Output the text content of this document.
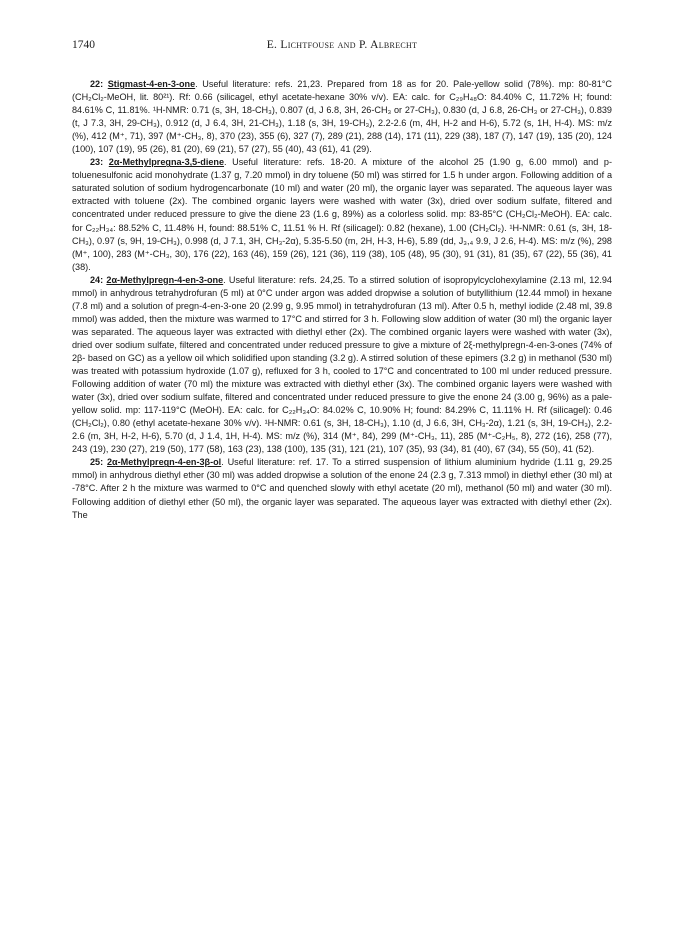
1740	E. Lichtfouse and P. Albrecht

22: Stigmast-4-en-3-one. Useful literature: refs. 21,23. Prepared from 18 as for 20. Pale-yellow solid (78%). mp: 80-81°C (CH₂Cl₂-MeOH, lit. 80²¹). Rf: 0.66 (silicagel, ethyl acetate-hexane 30% v/v). EA: calc. for C₂₉H₄₈O: 84.40% C, 11.72% H; found: 84.61% C, 11.81%. ¹H-NMR: 0.71 (s, 3H, 18-CH₃), 0.807 (d, J 6.8, 3H, 26-CH₃ or 27-CH₃), 0.830 (d, J 6.8, 26-CH₃ or 27-CH₃), 0.839 (t, J 7.3, 3H, 29-CH₃), 0.912 (d, J 6.4, 3H, 21-CH₃), 1.18 (s, 3H, 19-CH₃), 2.2-2.6 (m, 4H, H-2 and H-6), 5.72 (s, 1H, H-4). MS: m/z (%), 412 (M⁺, 71), 397 (M⁺-CH₃, 8), 370 (23), 355 (6), 327 (7), 289 (21), 288 (14), 171 (11), 229 (38), 187 (7), 147 (19), 135 (20), 124 (100), 107 (19), 95 (26), 81 (20), 69 (21), 57 (27), 55 (40), 43 (61), 41 (29).

23: 2α-Methylpregna-3,5-diene. Useful literature: refs. 18-20. A mixture of the alcohol 25 (1.90 g, 6.00 mmol) and p-toluenesulfonic acid monohydrate (1.37 g, 7.20 mmol) in dry toluene (50 ml) was stirred for 1.5 h under argon. Following addition of a saturated solution of sodium hydrogencarbonate (10 ml) and water (20 ml), the organic layer was separated. The aqueous layer was extracted with toluene (2x). The combined organic layers were washed with water (3x), dried over sodium sulfate, filtered and concentrated under reduced pressure to give the diene 23 (1.6 g, 89%) as a colorless solid. mp: 83-85°C (CH₂Cl₂-MeOH). EA: calc. for C₂₂H₃₄: 88.52% C, 11.48% H, found: 88.51% C, 11.51 % H. Rf (silicagel): 0.82 (hexane), 1.00 (CH₂Cl₂). ¹H-NMR: 0.61 (s, 3H, 18-CH₃), 0.97 (s, 9H, 19-CH₃), 0.998 (d, J 7.1, 3H, CH₃-2α), 5.35-5.50 (m, 2H, H-3, H-6), 5.89 (dd, J₃,₄ 9.9, J 2.6, H-4). MS: m/z (%), 298 (M⁺, 100), 283 (M⁺-CH₃, 30), 176 (22), 163 (46), 159 (26), 121 (36), 119 (38), 105 (48), 95 (30), 91 (31), 81 (35), 67 (22), 55 (36), 41 (38).

24: 2α-Methylpregn-4-en-3-one. Useful literature: refs. 24,25. To a stirred solution of isopropylcyclohexylamine (2.13 ml, 12.94 mmol) in anhydrous tetrahydrofuran (5 ml) at 0°C under argon was added dropwise a solution of butyllithium (12.44 mmol) in hexane (7.8 ml) and a solution of pregn-4-en-3-one 20 (2.99 g, 9.95 mmol) in tetrahydrofuran (13 ml). After 0.5 h, methyl iodide (2.48 ml, 39.8 mmol) was added, then the mixture was warmed to 17°C and stirred for 3 h. Following slow addition of water (30 ml) the organic layer was separated. The aqueous layer was extracted with diethyl ether (2x). The combined organic layers were washed with water (3x), dried over sodium sulfate, filtered and concentrated under reduced pressure to give a mixture of 2ξ-methylpregn-4-en-3-ones (74% of 2β- based on GC) as a yellow oil which solidified upon standing (3.2 g). A stirred solution of these epimers (3.2 g) in methanol (530 ml) was treated with potassium hydroxide (1.07 g), refluxed for 3 h, cooled to 17°C and concentrated to 100 ml under reduced pressure. Following addition of water (70 ml) the mixture was extracted with diethyl ether (3x). The combined organic layers were washed with water (3x), dried over sodium sulfate, filtered and concentrated under reduced pressure to give the enone 24 (3.00 g, 96%) as a pale-yellow solid. mp: 117-119°C (MeOH). EA: calc. for C₂₂H₃₄O: 84.02% C, 10.90% H; found: 84.29% C, 11.11% H. Rf (silicagel): 0.46 (CH₂Cl₂), 0.80 (ethyl acetate-hexane 30% v/v). ¹H-NMR: 0.61 (s, 3H, 18-CH₃), 1.10 (d, J 6.6, 3H, CH₃-2α), 1.21 (s, 3H, 19-CH₃), 2.2-2.6 (m, 3H, H-2, H-6), 5.70 (d, J 1.4, 1H, H-4). MS: m/z (%), 314 (M⁺, 84), 299 (M⁺-CH₃, 11), 285 (M⁺-C₂H₅, 8), 272 (16), 258 (77), 243 (19), 230 (27), 219 (50), 177 (58), 163 (23), 138 (100), 135 (31), 121 (21), 107 (35), 93 (34), 81 (40), 67 (34), 55 (50), 41 (52).

25: 2α-Methylpregn-4-en-3β-ol. Useful literature: ref. 17. To a stirred suspension of lithium aluminium hydride (1.11 g, 29.25 mmol) in anhydrous diethyl ether (30 ml) was added dropwise a solution of the enone 24 (2.3 g, 7.313 mmol) in diethyl ether (30 ml) at -78°C. After 2 h the mixture was warmed to 0°C and quenched slowly with ethyl acetate (20 ml), methanol (50 ml) and water (30 ml). Following addition of diethyl ether (50 ml), the organic layer was separated. The aqueous layer was extracted with diethyl ether (2x). The
